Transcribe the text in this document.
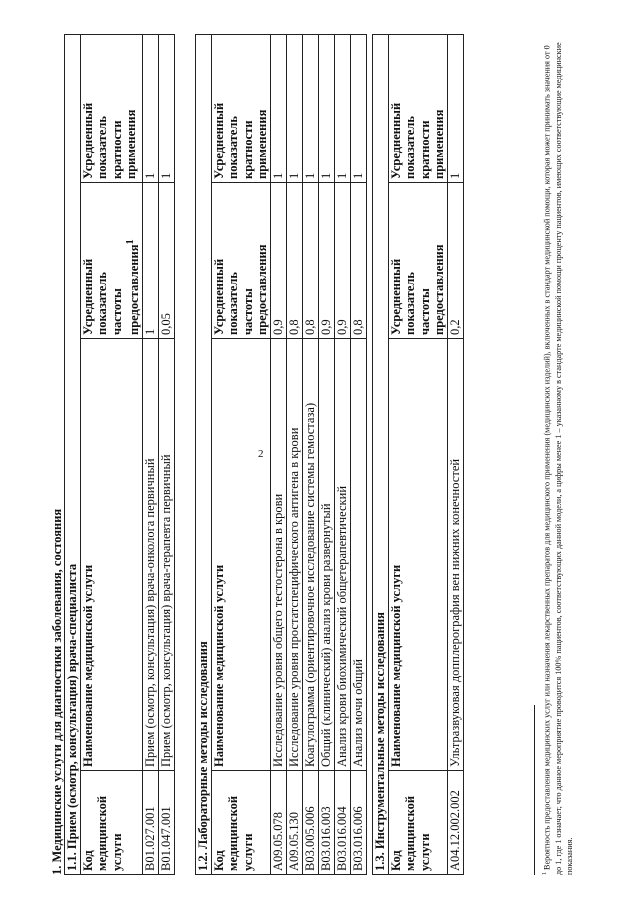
2
1. Медицинские услуги для диагностики заболевания, состояния 1.1. Прием (осмотр, консультация) врача-специалиста			
Код
медицинской
услуги	Наименование медицинской услуги	Усредненный
показатель
частоты
предоставления$^1$	Усредненный
показатель
кратности
применения
B01.027.001	Прием (осмотр, консультация) врача-онколога первичный	1	1
B01.047.001	Прием (осмотр, консультация) врача-терапевта первичный	0,05	1
1.2. Лабораторные методы исследования			
Код
медицинской
услуги	Наименование медицинской услуги	Усредненный
показатель
частоты
предоставления	Усредненный
показатель
кратности
применения
A09.05.078	Исследование уровня общего тестостерона в крови	0,9	1
A09.05.130	Исследование уровня простатспецифического антигена в крови	0,8	1
B03.005.006	Коагулограмма (ориентировочное исследование системы гемостаза)	0,8	1
B03.016.003	Общий (клинический) анализ крови развернутый	0,9	1
B03.016.004	Анализ крови биохимический общетерапевтический	0,9	1
B03.016.006	Анализ мочи общий	0,8	1
1.3. Инструментальные методы исследования			
Код
медицинской
услуги	Наименование медицинской услуги	Усредненный
показатель
частоты
предоставления	Усредненный
показатель
кратности
применения
A04.12.002.002	Ультразвуковая допплерография вен нижних конечностей	0,2	1
$^1$ Вероятность предоставления медицинских услуг или назначения лекарственных препаратов для медицинского применения (медицинских изделий), включенных в стандарт медицинской помощи, которая может принимать значения от 0 до 1, где 1 означает, что данное мероприятие проводится 100% пациентов, соответствующих данной модели, а цифры менее 1 – указанному в стандарте медицинской помощи проценту пациентов, имеющих соответствующие медицинские показания.
